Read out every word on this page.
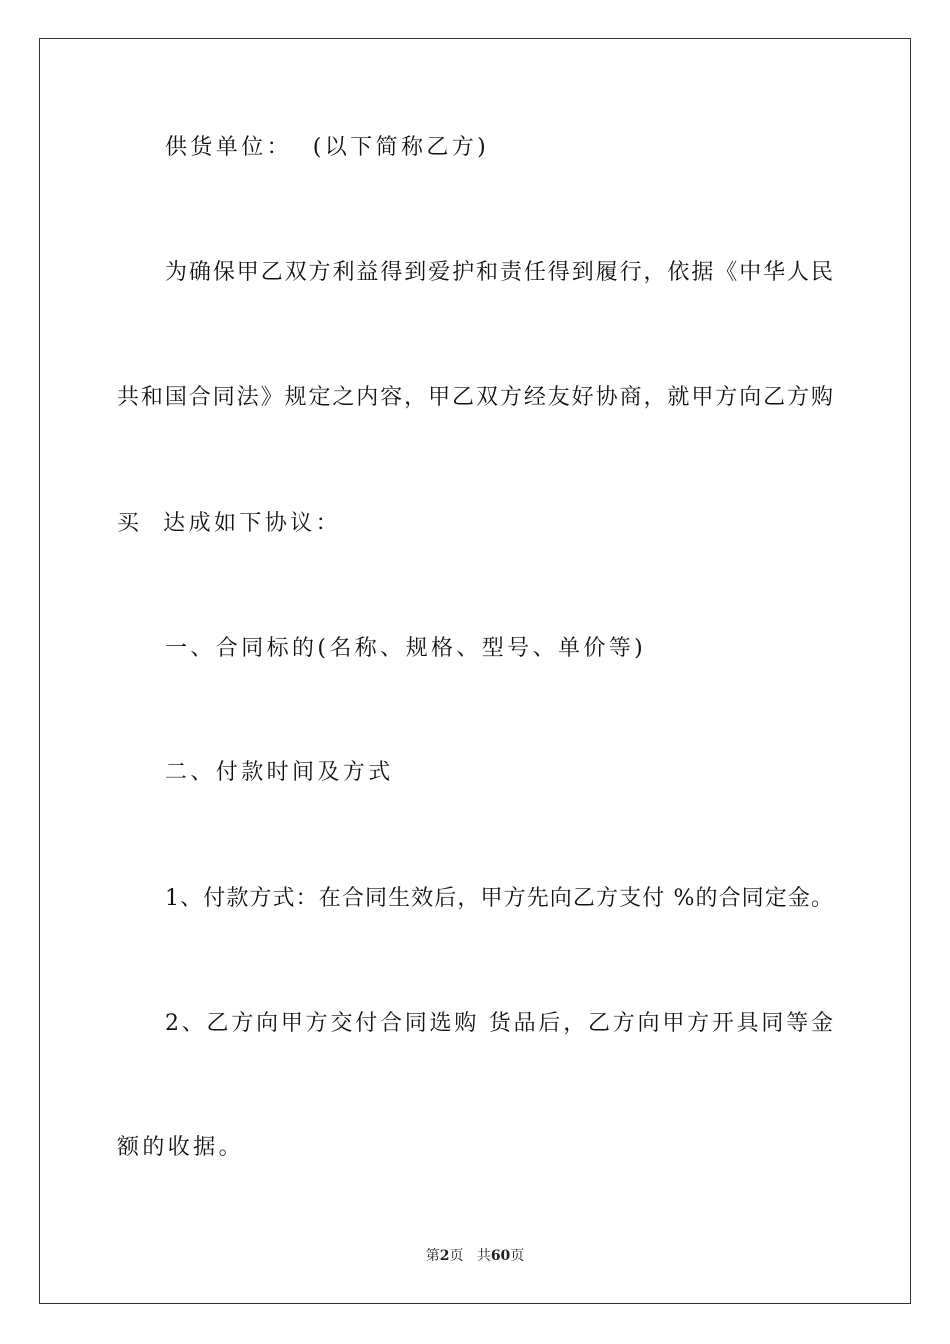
供货单位：  (以下简称乙方)
为确保甲乙双方利益得到爱护和责任得到履行，依据《中华人民
共和国合同法》规定之内容，甲乙双方经友好协商，就甲方向乙方购
买  达成如下协议：
一、合同标的(名称、规格、型号、单价等)
二、付款时间及方式
1、付款方式：在合同生效后，甲方先向乙方支付 %的合同定金。
2、乙方向甲方交付合同选购 货品后，乙方向甲方开具同等金
额的收据。
第2页 共60页
